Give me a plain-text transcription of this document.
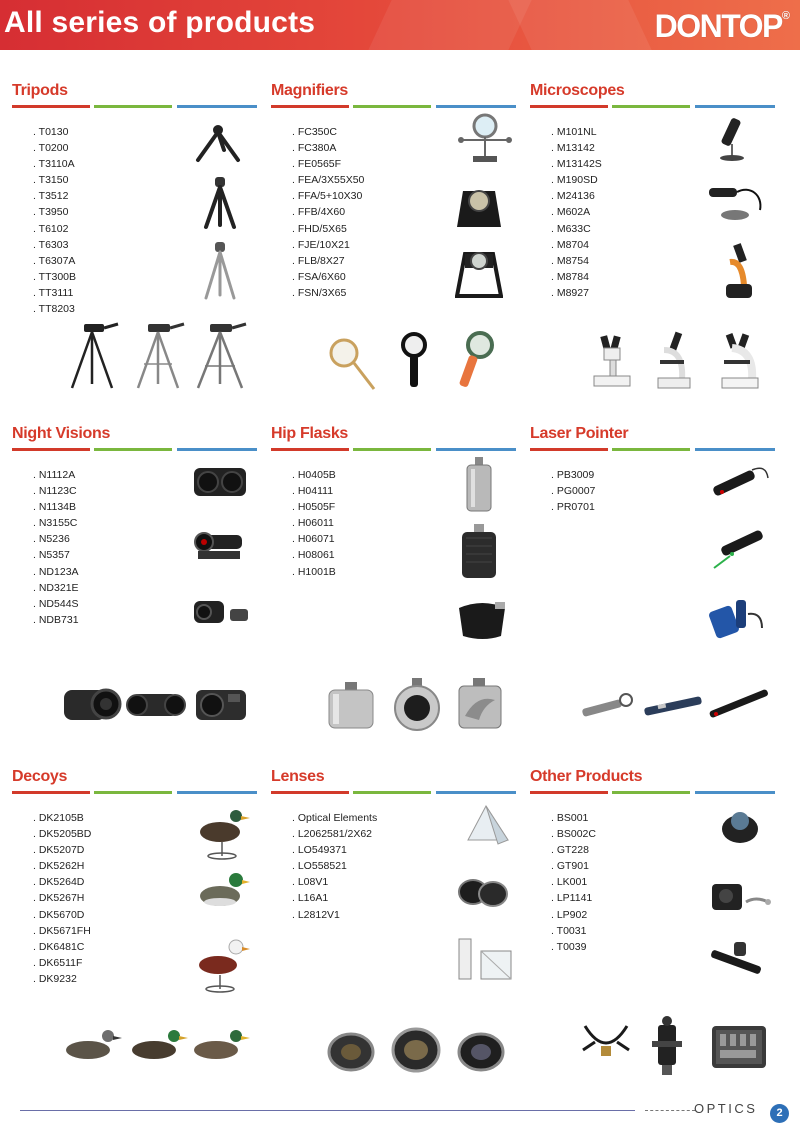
All series of products	DONTOP®
Tripods
. T0130
. T0200
. T3110A
. T3150
. T3512
. T3950
. T6102
. T6303
. T6307A
. TT300B
. TT3111
. TT8203
Magnifiers
. FC350C
. FC380A
. FE0565F
. FEA/3X55X50
. FFA/5+10X30
. FFB/4X60
. FHD/5X65
. FJE/10X21
. FLB/8X27
. FSA/6X60
. FSN/3X65
Microscopes
. M101NL
. M13142
. M13142S
. M190SD
. M24136
. M602A
. M633C
. M8704
. M8754
. M8784
. M8927
Night Visions
. N1112A
. N1123C
. N1134B
. N3155C
. N5236
. N5357
. ND123A
. ND321E
. ND544S
. NDB731
Hip Flasks
. H0405B
. H04111
. H0505F
. H06011
. H06071
. H08061
. H1001B
Laser Pointer
. PB3009
. PG0007
. PR0701
Decoys
. DK2105B
. DK5205BD
. DK5207D
. DK5262H
. DK5264D
. DK5267H
. DK5670D
. DK5671FH
. DK6481C
. DK6511F
. DK9232
Lenses
. Optical Elements
. L2062581/2X62
. LO549371
. LO558521
. L08V1
. L16A1
. L2812V1
Other Products
. BS001
. BS002C
. GT228
. GT901
. LK001
. LP1141
. LP902
. T0031
. T0039
OPTICS	2
